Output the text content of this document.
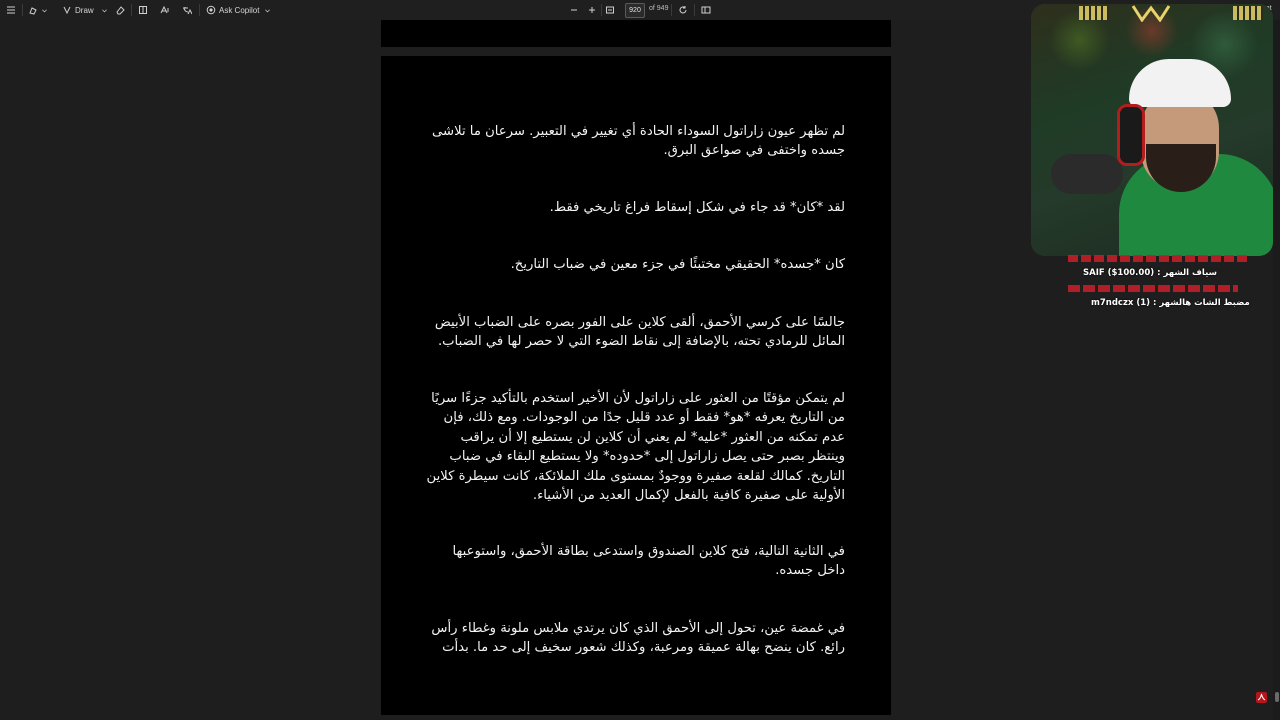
Draw	Ask Copilot	920	of 949

لم تظهر عيون زاراتول السوداء الحادة أي تغيير في التعبير. سرعان ما تلاشى جسده واختفى في صواعق البرق.

لقد *كان* قد جاء في شكل إسقاط فراغ تاريخي فقط.

كان *جسده* الحقيقي مختبئًا في جزء معين في ضباب التاريخ.

جالسًا على كرسي الأحمق، ألقى كلاين على الفور بصره على الضباب الأبيض المائل للرمادي تحته، بالإضافة إلى نقاط الضوء التي لا حصر لها في الضباب.

لم يتمكن مؤقتًا من العثور على زاراتول لأن الأخير استخدم بالتأكيد جزءًا سريًا من التاريخ يعرفه *هو* فقط أو عدد قليل جدًا من الوجودات. ومع ذلك، فإن عدم تمكنه من العثور *عليه* لم يعني أن كلاين لن يستطيع إلا أن يراقب وينتظر بصبر حتى يصل زاراتول إلى *حدوده* ولا يستطيع البقاء في ضباب التاريخ. كمالك لقلعة صفيرة ووجودٌ بمستوى ملك الملائكة، كانت سيطرة كلاين الأولية على صفيرة كافية بالفعل لإكمال العديد من الأشياء.

في الثانية التالية، فتح كلاين الصندوق واستدعى بطاقة الأحمق، واستوعبها داخل جسده.

في غمضة عين، تحول إلى الأحمق الذي كان يرتدي ملابس ملونة وغطاء رأس رائع. كان ينضح بهالة عميقة ومرعبة، وكذلك شعور سخيف إلى حد ما. بدأت

SAIF ($100.00) : سياف الشهر
m7ndczx (1) : مضبط الشات هالشهر
